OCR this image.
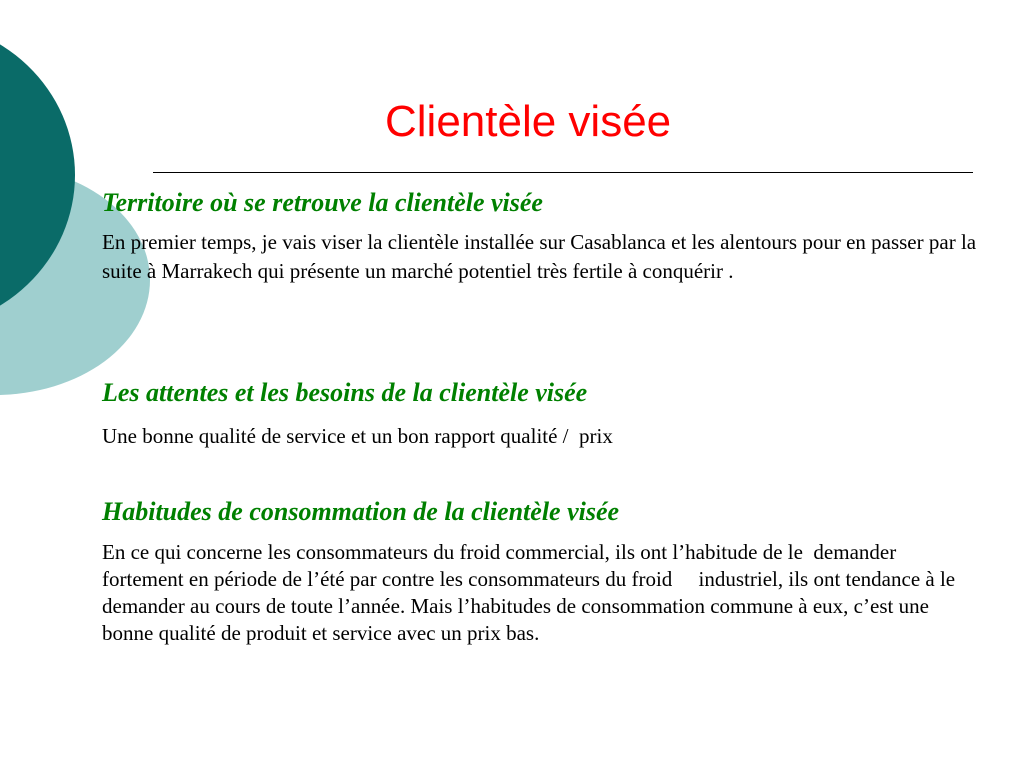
Clientèle visée
Territoire où se retrouve la clientèle visée

En premier temps, je vais viser la clientèle installée sur Casablanca et les alentours pour en passer par la suite à Marrakech qui présente un marché potentiel très fertile à conquérir .

Les attentes et les besoins de la clientèle visée

Une bonne qualité de service et un bon rapport qualité /  prix

Habitudes de consommation de la clientèle visée

En ce qui concerne les consommateurs du froid commercial, ils ont l’habitude de le  demander fortement en période de l’été par contre les consommateurs du froid     industriel, ils ont tendance à le demander au cours de toute l’année. Mais l’habitudes de consommation commune à eux, c’est une bonne qualité de produit et service avec un prix bas.
